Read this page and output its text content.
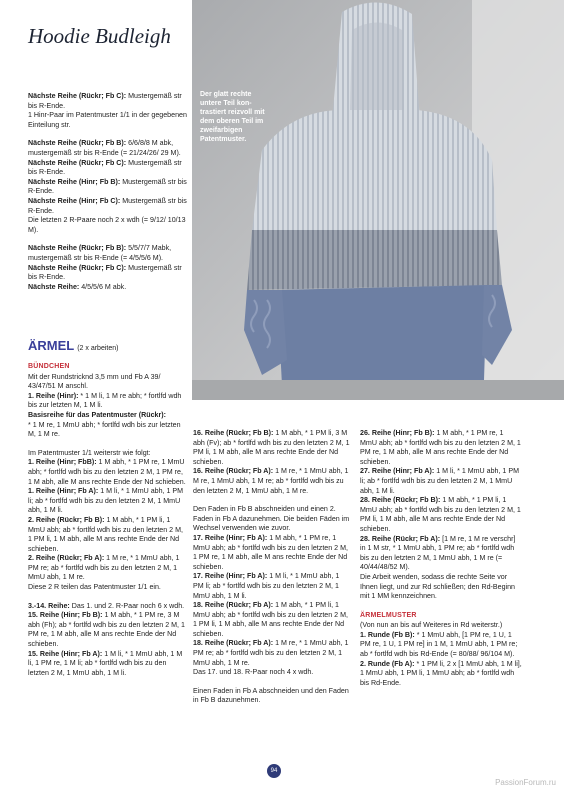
Hoodie Budleigh
Der glatt rechte untere Teil kontrastiert reizvoll mit dem oberen Teil im zweifarbigen Patentmuster.

Nächste Reihe (Rückr; Fb C): Mustergemäß str bis R-Ende.
1 Hinr-Paar im Patentmuster 1/1 in der gegebenen Einteilung str.

Nächste Reihe (Rückr; Fb B): 6/6/8/8 M abk, mustergemäß str bis R-Ende (= 21/24/26/ 29 M).

Nächste Reihe (Rückr; Fb C): Mustergemäß str bis R-Ende.

Nächste Reihe (Hinr; Fb B): Mustergemäß str bis R-Ende.

Nächste Reihe (Hinr; Fb C): Mustergemäß str bis R-Ende.
Die letzten 2 R-Paare noch 2 x wdh (= 9/12/ 10/13 M).

Nächste Reihe (Rückr; Fb B): 5/5/7/7 Mabk, mustergemäß str bis R-Ende (= 4/5/5/6 M).

Nächste Reihe (Rückr; Fb C): Mustergemäß str bis R-Ende.

Nächste Reihe: 4/5/5/6 M abk.

ÄRMEL (2 x arbeiten)
BÜNDCHEN

Mit der Rundstricknd 3,5 mm und Fb A 39/ 43/47/51 M anschl.

1. Reihe (Hinr): * 1 M li, 1 M re abh; * fortlfd wdh bis zur letzten M, 1 M li.

Basisreihe für das Patentmuster (Rückr):
* 1 M re, 1 MmU abh; * fortlfd wdh bis zur letzten M, 1 M re.

Im Patentmuster 1/1 weiterstr wie folgt:

1. Reihe (Hinr; FbB): 1 M abh, * 1 PM re, 1 MmU abh; * fortlfd wdh bis zu den letzten 2 M, 1 PM re, 1 M abh, alle M ans rechte Ende der Nd schieben.

1. Reihe (Hinr; Fb A): 1 M li, * 1 MmU abh, 1 PM li; ab * fortlfd wdh bis zu den letzten 2 M, 1 MmU abh, 1 M li.

2. Reihe (Rückr; Fb B): 1 M abh, * 1 PM li, 1 MmU abh; ab * fortlfd wdh bis zu den letzten 2 M, 1 PM li, 1 M abh, alle M ans rechte Ende der Nd schieben.

2. Reihe (Rückr; Fb A): 1 M re, * 1 MmU abh, 1 PM re; ab * fortlfd wdh bis zu den letzten 2 M, 1 MmU abh, 1 M re.
Diese 2 R teilen das Patentmuster 1/1 ein.

3.-14. Reihe: Das 1. und 2. R-Paar noch 6 x wdh.

15. Reihe (Hinr; Fb B): 1 M abh, * 1 PM re, 3 M abh (Fh); ab * fortlfd wdh bis zu den letzten 2 M, 1 PM re, 1 M abh, alle M ans rechte Ende der Nd schieben.

15. Reihe (Hinr; Fb A): 1 M li, * 1 MmU abh, 1 M li, 1 PM re, 1 M li; ab * fortlfd wdh bis zu den letzten 2 M, 1 MmU abh, 1 M li.

16. Reihe (Rückr; Fb B): 1 M abh, * 1 PM li, 3 M abh (Fv); ab * fortlfd wdh bis zu den letzten 2 M, 1 PM li, 1 M abh, alle M ans rechte Ende der Nd schieben.

16. Reihe (Rückr; Fb A): 1 M re, * 1 MmU abh, 1 M re, 1 MmU abh, 1 M re; ab * fortlfd wdh bis zu den letzten 2 M, 1 MmU abh, 1 M re.

Den Faden in Fb B abschneiden und einen 2. Faden in Fb A dazunehmen. Die beiden Fäden im Wechsel verwenden wie zuvor.

17. Reihe (Hinr; Fb A): 1 M abh, * 1 PM re, 1 MmU abh; ab * fortlfd wdh bis zu den letzten 2 M, 1 PM re, 1 M abh, alle M ans rechte Ende der Nd schieben.

17. Reihe (Hinr; Fb A): 1 M li, * 1 MmU abh, 1 PM li; ab * fortlfd wdh bis zu den letzten 2 M, 1 MmU abh, 1 M li.

18. Reihe (Rückr; Fb A): 1 M abh, * 1 PM li, 1 MmU abh; ab * fortlfd wdh bis zu den letzten 2 M, 1 PM li, 1 M abh, alle M ans rechte Ende der Nd schieben.

18. Reihe (Rückr; Fb A): 1 M re, * 1 MmU abh, 1 PM re; ab * fortlfd wdh bis zu den letzten 2 M, 1 MmU abh, 1 M re.
Das 17. und 18. R-Paar noch 4 x wdh.

Einen Faden in Fb A abschneiden und den Faden in Fb B dazunehmen.

26. Reihe (Hinr; Fb B): 1 M abh, * 1 PM re, 1 MmU abh; ab * fortlfd wdh bis zu den letzten 2 M, 1 PM re, 1 M abh, alle M ans rechte Ende der Nd schieben.

27. Reihe (Hinr; Fb A): 1 M li, * 1 MmU abh, 1 PM li; ab * fortlfd wdh bis zu den letzten 2 M, 1 MmU abh, 1 M li.

28. Reihe (Rückr; Fb B): 1 M abh, * 1 PM li, 1 MmU abh; ab * fortlfd wdh bis zu den letzten 2 M, 1 PM li, 1 M abh, alle M ans rechte Ende der Nd schieben.

28. Reihe (Rückr; Fb A): [1 M re, 1 M re verschr] in 1 M str, * 1 MmU abh, 1 PM re; ab * fortlfd wdh bis zu den letzten 2 M, 1 MmU abh, 1 M re (= 40/44/48/52 M).
Die Arbeit wenden, sodass die rechte Seite vor Ihnen liegt, und zur Rd schließen; den Rd-Beginn mit 1 MM kennzeichnen.

ÄRMELMUSTER

(Von nun an bis auf Weiteres in Rd weiterstr.)

1. Runde (Fb B): * 1 MmU abh, [1 PM re, 1 U, 1 PM re, 1 U, 1 PM re] in 1 M, 1 MmU abh, 1 PM re; ab * fortlfd wdh bis Rd-Ende (= 80/88/ 96/104 M).

2. Runde (Fb A): * 1 PM li, 2 x [1 MmU abh, 1 M li], 1 MmU abh, 1 PM li, 1 MmU abh; ab * fortlfd wdh bis Rd-Ende.

94
PassionForum.ru
